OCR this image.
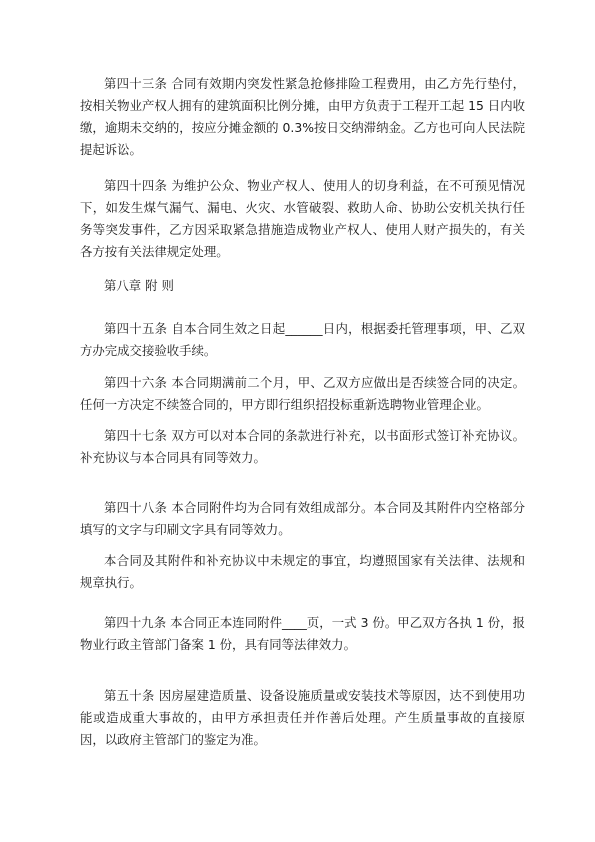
第四十三条 合同有效期内突发性紧急抢修排险工程费用，由乙方先行垫付，按相关物业产权人拥有的建筑面积比例分摊，由甲方负责于工程开工起 15 日内收缴，逾期未交纳的，按应分摊金额的 0.3%按日交纳滞纳金。乙方也可向人民法院提起诉讼。

第四十四条 为维护公众、物业产权人、使用人的切身利益，在不可预见情况下，如发生煤气漏气、漏电、火灾、水管破裂、救助人命、协助公安机关执行任务等突发事件，乙方因采取紧急措施造成物业产权人、使用人财产损失的，有关各方按有关法律规定处理。

第八章 附 则

第四十五条 自本合同生效之日起______日内，根据委托管理事项，甲、乙双方办完成交接验收手续。

第四十六条 本合同期满前二个月，甲、乙双方应做出是否续签合同的决定。任何一方决定不续签合同的，甲方即行组织招投标重新选聘物业管理企业。

第四十七条 双方可以对本合同的条款进行补充，以书面形式签订补充协议。补充协议与本合同具有同等效力。

第四十八条 本合同附件均为合同有效组成部分。本合同及其附件内空格部分填写的文字与印刷文字具有同等效力。

本合同及其附件和补充协议中未规定的事宜，均遵照国家有关法律、法规和规章执行。

第四十九条 本合同正本连同附件____页，一式 3 份。甲乙双方各执 1 份，报物业行政主管部门备案 1 份，具有同等法律效力。

第五十条 因房屋建造质量、设备设施质量或安装技术等原因，达不到使用功能或造成重大事故的，由甲方承担责任并作善后处理。产生质量事故的直接原因，以政府主管部门的鉴定为准。
